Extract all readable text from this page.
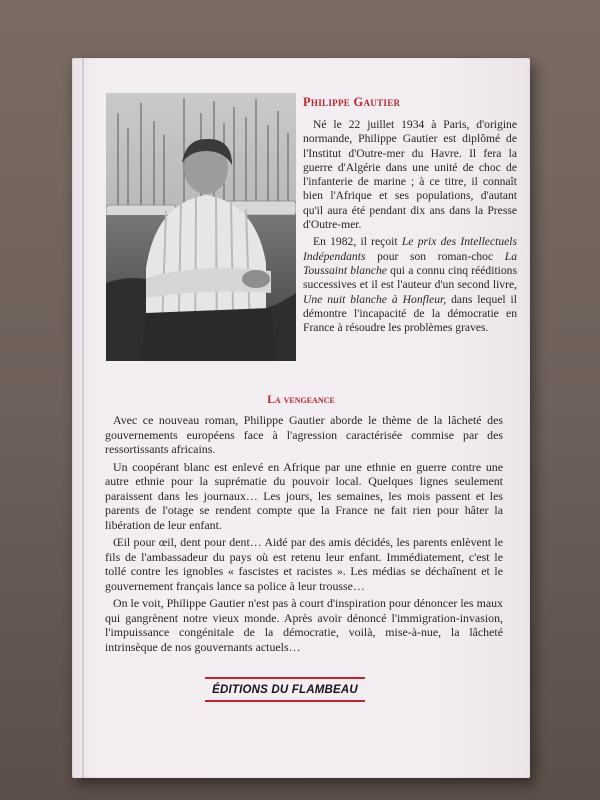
Philippe Gautier

Né le 22 juillet 1934 à Paris, d'origine normande, Philippe Gautier est diplômé de l'Institut d'Outre-mer du Havre. Il fera la guerre d'Algérie dans une unité de choc de l'infanterie de marine ; à ce titre, il connaît bien l'Afrique et ses populations, d'autant qu'il aura été pendant dix ans dans la Presse d'Outre-mer.

En 1982, il reçoit Le prix des Intellectuels Indépendants pour son roman-choc La Toussaint blanche qui a connu cinq rééditions successives et il est l'auteur d'un second livre, Une nuit blanche à Honfleur, dans lequel il démontre l'incapacité de la démocratie en France à résoudre les problèmes graves.

La vengeance

Avec ce nouveau roman, Philippe Gautier aborde le thème de la lâcheté des gouvernements européens face à l'agression caractérisée commise par des ressortissants africains.

Un coopérant blanc est enlevé en Afrique par une ethnie en guerre contre une autre ethnie pour la suprématie du pouvoir local. Quelques lignes seulement paraissent dans les journaux… Les jours, les semaines, les mois passent et les parents de l'otage se rendent compte que la France ne fait rien pour hâter la libération de leur enfant.

Œil pour œil, dent pour dent… Aidé par des amis décidés, les parents enlèvent le fils de l'ambassadeur du pays où est retenu leur enfant. Immédiatement, c'est le tollé contre les ignobles « fascistes et racistes ». Les médias se déchaînent et le gouvernement français lance sa police à leur trousse…

On le voit, Philippe Gautier n'est pas à court d'inspiration pour dénoncer les maux qui gangrènent notre vieux monde. Après avoir dénoncé l'immigration-invasion, l'impuissance congénitale de la démocratie, voilà, mise-à-nue, la lâcheté intrinsèque de nos gouvernants actuels…

ÉDITIONS DU FLAMBEAU
